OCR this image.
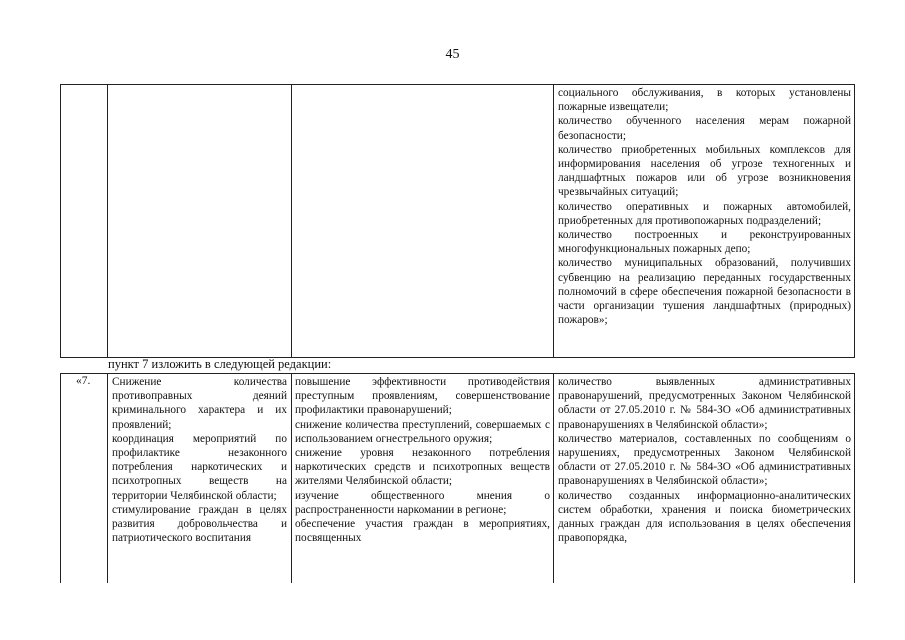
45

социального обслуживания, в которых установлены пожарные извещатели;

количество обученного населения мерам пожарной безопасности;

количество приобретенных мобильных комплексов для информирования населения об угрозе техногенных и ландшафтных пожаров или об угрозе возникновения чрезвычайных ситуаций;

количество оперативных и пожарных автомобилей, приобретенных для противопожарных подразделений;

количество построенных и реконструированных многофункциональных пожарных депо;

количество муниципальных образований, получивших субвенцию на реализацию переданных государственных полномочий в сфере обеспечения пожарной безопасности в части организации тушения ландшафтных (природных) пожаров»;

пункт 7 изложить в следующей редакции:
«7. Снижение количества противоправных деяний криминального характера и их проявлений;

координация мероприятий по профилактике незаконного потребления наркотических и психотропных веществ на территории Челябинской области;

стимулирование граждан в целях развития добровольчества и патриотического воспитания

повышение эффективности противодействия преступным проявлениям, совершенствование профилактики правонарушений;

снижение количества преступлений, совершаемых с использованием огнестрельного оружия;

снижение уровня незаконного потребления наркотических средств и психотропных веществ жителями Челябинской области;

изучение общественного мнения о распространенности наркомании в регионе;

обеспечение участия граждан в мероприятиях, посвященных

количество выявленных административных правонарушений, предусмотренных Законом Челябинской области от 27.05.2010 г. № 584-ЗО «Об административных правонарушениях в Челябинской области»;

количество материалов, составленных по сообщениям о нарушениях, предусмотренных Законом Челябинской области от 27.05.2010 г. № 584-ЗО «Об административных правонарушениях в Челябинской области»;

количество созданных информационно-аналитических систем обработки, хранения и поиска биометрических данных граждан для использования в целях обеспечения правопорядка,
